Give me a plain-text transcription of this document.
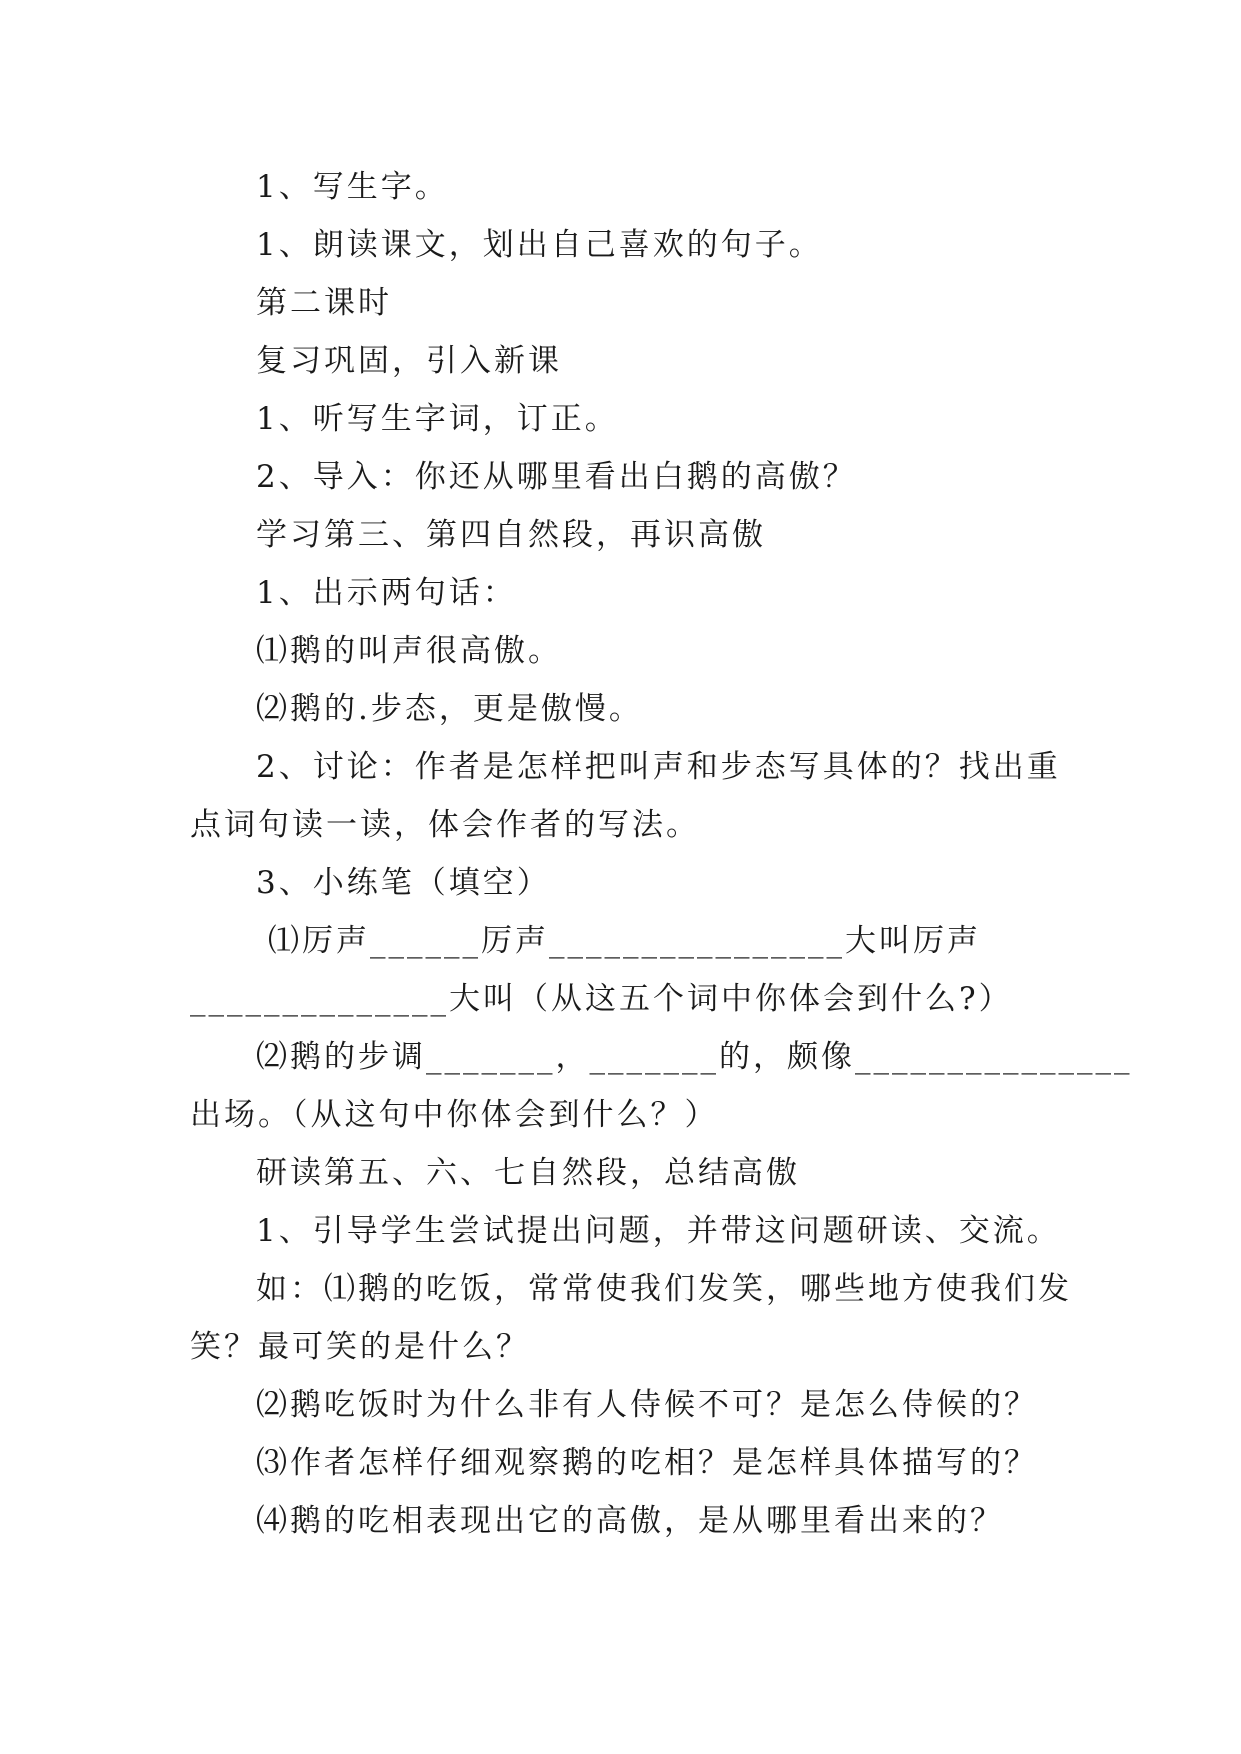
1、写生字。
1、朗读课文，划出自己喜欢的句子。
第二课时
复习巩固，引入新课
1、听写生字词，订正。
2、导入：你还从哪里看出白鹅的高傲？
学习第三、第四自然段，再识高傲
1、出示两句话：
⑴鹅的叫声很高傲。
⑵鹅的.步态，更是傲慢。
2、讨论：作者是怎样把叫声和步态写具体的？找出重
点词句读一读，体会作者的写法。
3、小练笔（填空）
⑴厉声______厉声________________大叫厉声
______________大叫（从这五个词中你体会到什么?）
⑵鹅的步调_______，_______的，颇像_______________
出场。（从这句中你体会到什么？）
研读第五、六、七自然段，总结高傲
1、引导学生尝试提出问题，并带这问题研读、交流。
如：⑴鹅的吃饭，常常使我们发笑，哪些地方使我们发
笑？最可笑的是什么？
⑵鹅吃饭时为什么非有人侍候不可？是怎么侍候的？
⑶作者怎样仔细观察鹅的吃相？是怎样具体描写的？
⑷鹅的吃相表现出它的高傲，是从哪里看出来的？
